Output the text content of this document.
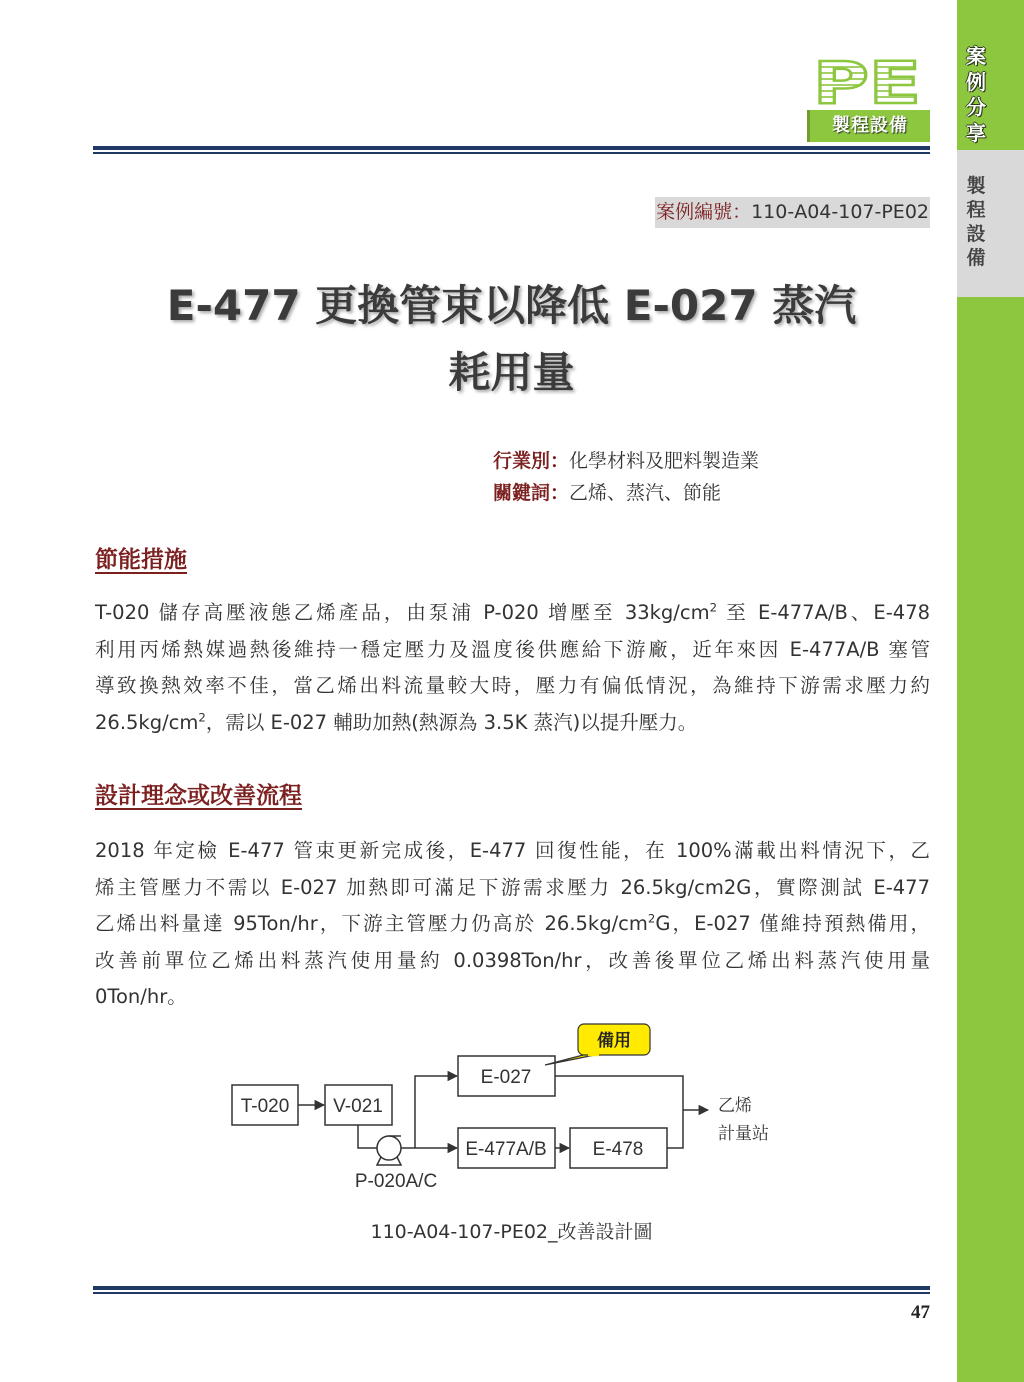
案例分享
製程設備
PE
製程設備
案例編號：110-A04-107-PE02
E-477 更換管束以降低 E-027 蒸汽
耗用量
行業別：化學材料及肥料製造業
關鍵詞：乙烯、蒸汽、節能
節能措施
T-020 儲存高壓液態乙烯產品，由泵浦 P-020 增壓至 $33kg/cm^2$ 至 E-477A/B、E-478
利用丙烯熱媒過熱後維持一穩定壓力及溫度後供應給下游廠，近年來因 E-477A/B 塞管
導致換熱效率不佳，當乙烯出料流量較大時，壓力有偏低情況，為維持下游需求壓力約
$26.5kg/cm^2$，需以 E-027 輔助加熱(熱源為 3.5K 蒸汽)以提升壓力。
設計理念或改善流程
2018 年定檢 E-477 管束更新完成後，E-477 回復性能，在 100%滿載出料情況下，乙
烯主管壓力不需以 E-027 加熱即可滿足下游需求壓力 26.5kg/cm2G，實際測試 E-477
乙烯出料量達 95Ton/hr，下游主管壓力仍高於 $26.5kg/cm^2G$，E-027 僅維持預熱備用，
改善前單位乙烯出料蒸汽使用量約 0.0398Ton/hr，改善後單位乙烯出料蒸汽使用量
0Ton/hr。
備用
T-020 V-021
E-027
E-477A/B E-478
P-020A/C
乙烯
計量站
110-A04-107-PE02_改善設計圖
47
